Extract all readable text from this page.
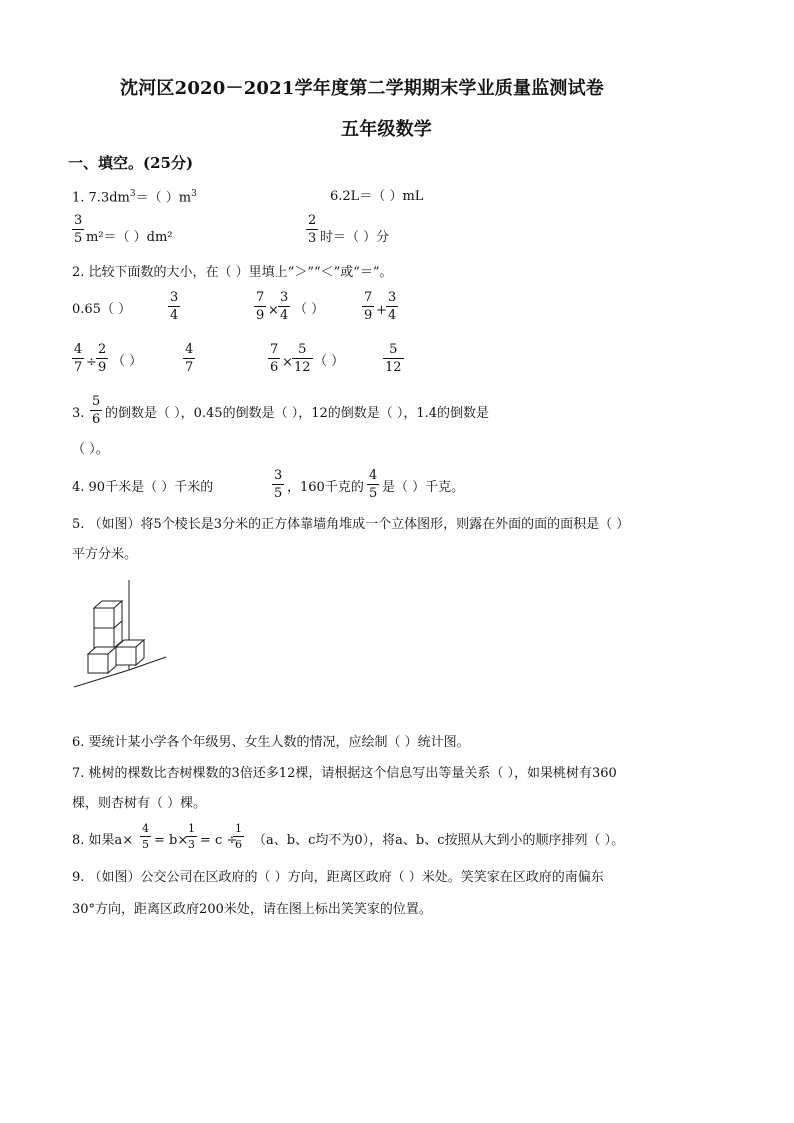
沈河区2020－2021学年度第二学期期末学业质量监测试卷
五年级数学
一、填空。(25分)
1. $7.3dm^3=$（ ）$m^3$	6.2L＝（ ）mL
3
5 m²＝（ ）dm²
2
3 时＝（ ）分
2. 比较下面数的大小，在（ ）里填上“＞”“＜”或“＝”。
0.65（ ）
3
4
7
9 ×
3
4 （ ）
7
9 +
3
4
4
7 ÷
2
9 （ ）
4
7
7
6 ×
5
12 （ ）
5
12
3.
5
6 的倒数是（ ），0.45的倒数是（ ），12的倒数是（ ），1.4的倒数是
（ ）。
4. 90千米是（ ）千米的
3
5 ，160千克的
4
5 是（ ）千克。
5. （如图）将5个棱长是3分米的正方体靠墙角堆成一个立体图形，则露在外面的面的面积是（ ）
平方分米。
6. 要统计某小学各个年级男、女生人数的情况，应绘制（ ）统计图。
7. 桃树的棵数比杏树棵数的3倍还多12棵，请根据这个信息写出等量关系（ ），如果桃树有360
棵，则杏树有（ ）棵。
8. 如果a×
4
5 = b×
1
3 = c ÷
1
6 （a、b、c均不为0），将a、b、c按照从大到小的顺序排列（ ）。
9. （如图）公交公司在区政府的（ ）方向，距离区政府（ ）米处。笑笑家在区政府的南偏东
30°方向，距离区政府200米处，请在图上标出笑笑家的位置。
